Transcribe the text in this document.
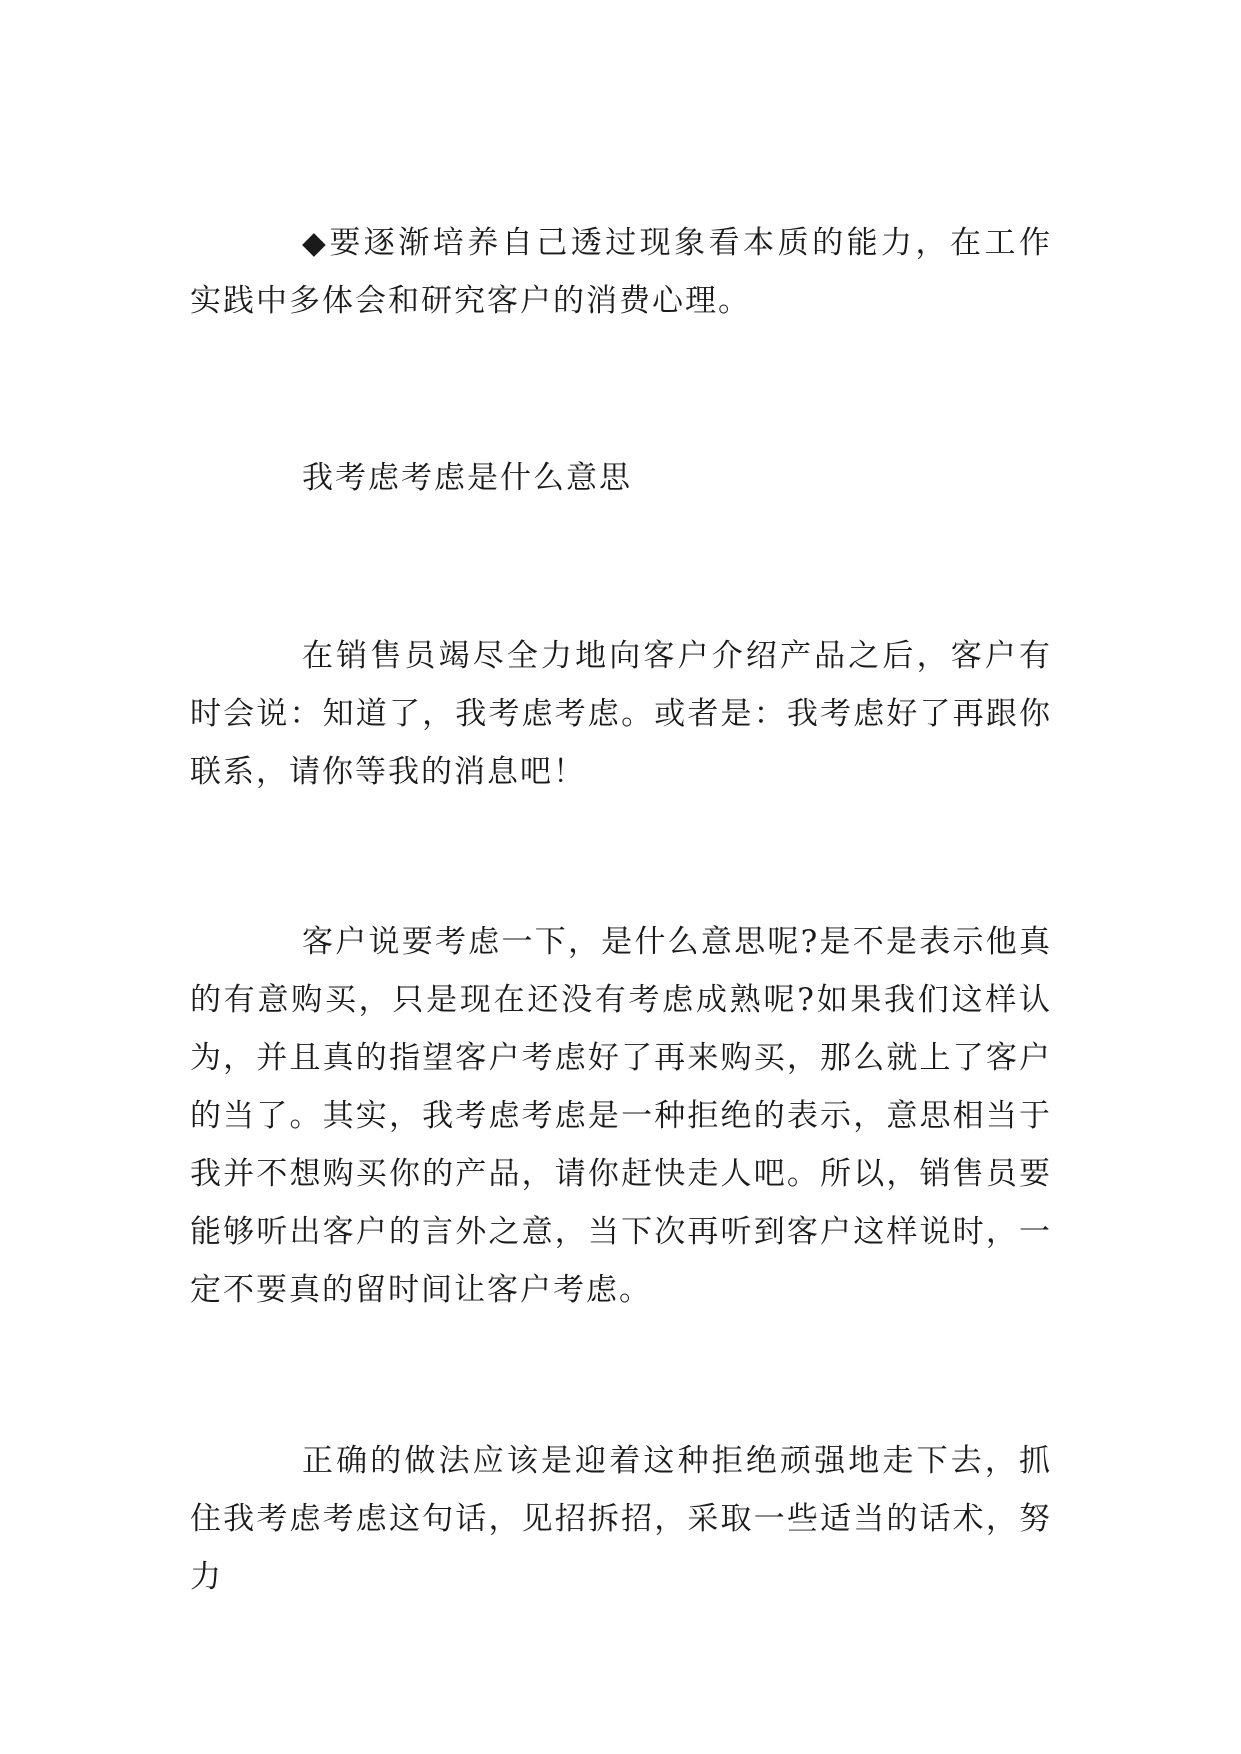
◆要逐渐培养自己透过现象看本质的能力，在工作实践中多体会和研究客户的消费心理。

我考虑考虑是什么意思

在销售员竭尽全力地向客户介绍产品之后，客户有时会说：知道了，我考虑考虑。或者是：我考虑好了再跟你联系，请你等我的消息吧！

客户说要考虑一下，是什么意思呢?是不是表示他真的有意购买，只是现在还没有考虑成熟呢?如果我们这样认为，并且真的指望客户考虑好了再来购买，那么就上了客户的当了。其实，我考虑考虑是一种拒绝的表示，意思相当于我并不想购买你的产品，请你赶快走人吧。所以，销售员要能够听出客户的言外之意，当下次再听到客户这样说时，一定不要真的留时间让客户考虑。

正确的做法应该是迎着这种拒绝顽强地走下去，抓住我考虑考虑这句话，见招拆招，采取一些适当的话术，努力
